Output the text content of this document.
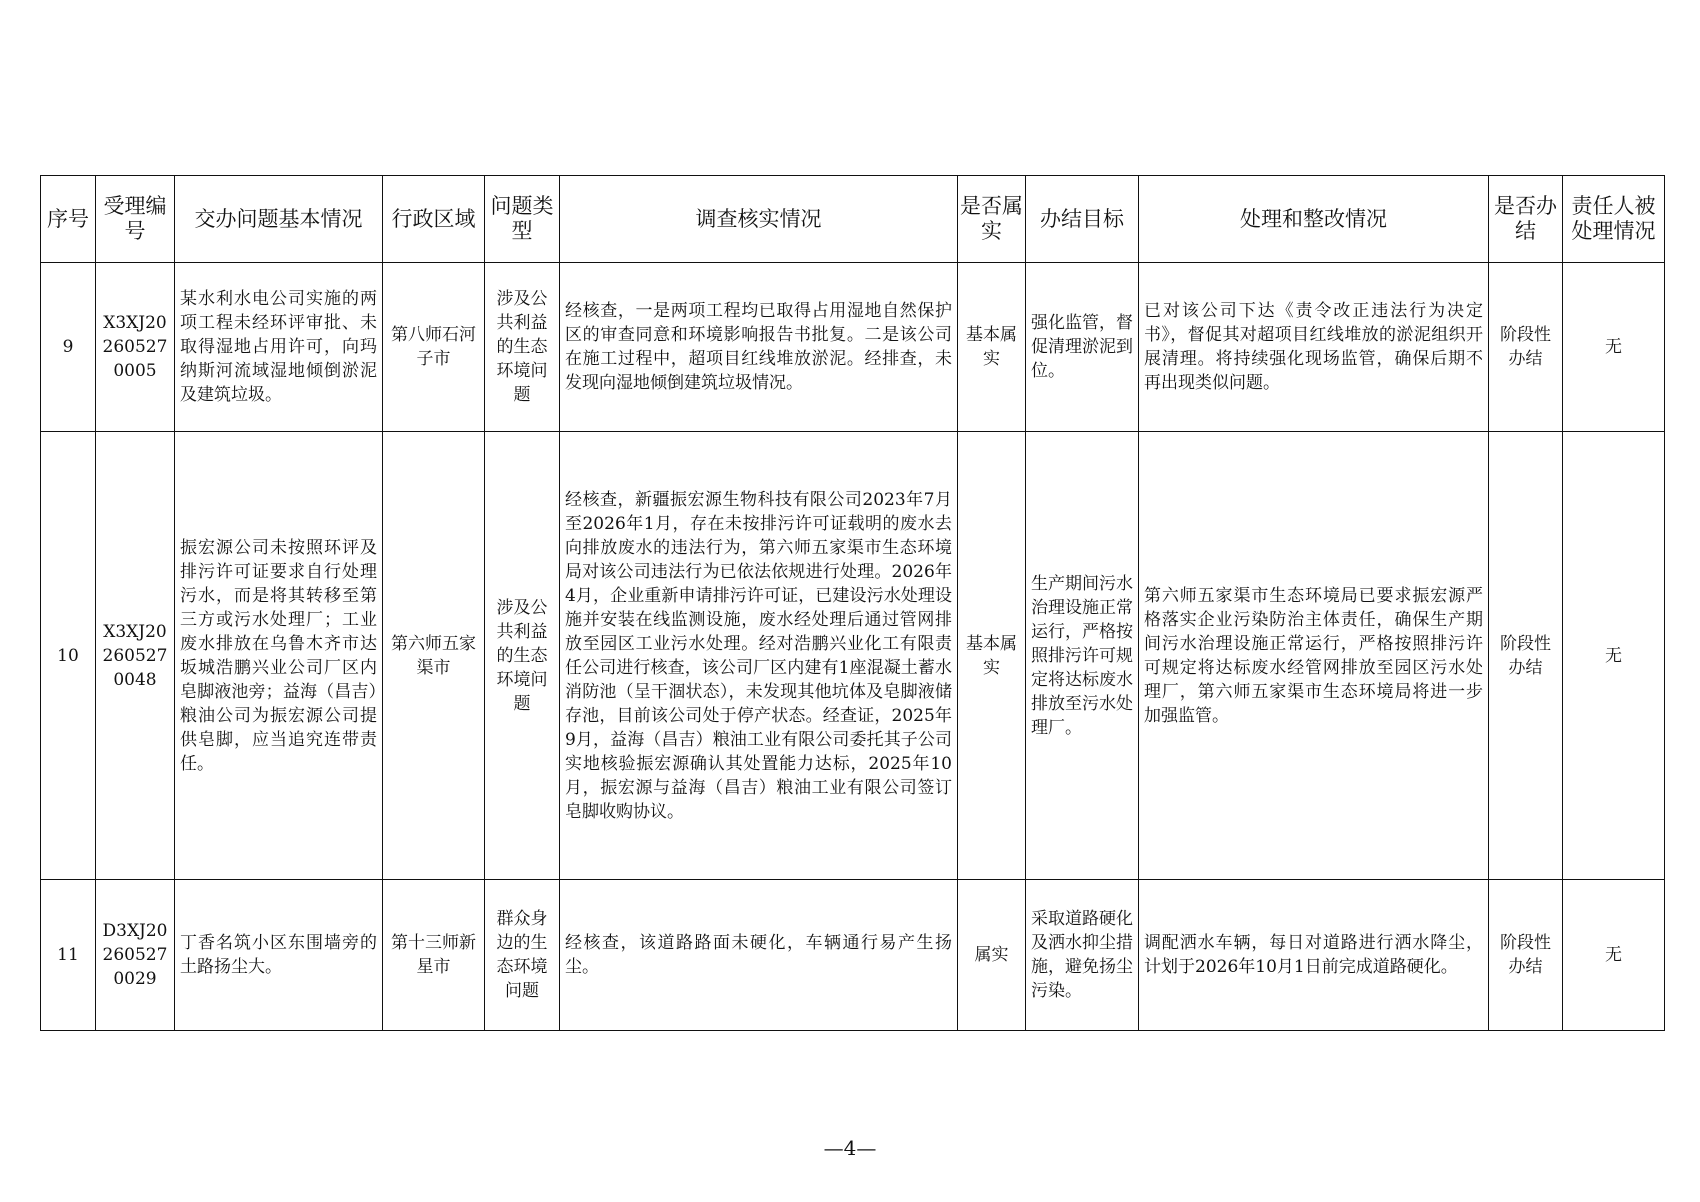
序号	受理编号	交办问题基本情况	行政区域	问题类型	调查核实情况	是否属实	办结目标	处理和整改情况	是否办结	责任人被处理情况
9	X3XJ202605270005	某水利水电公司实施的两项工程未经环评审批、未取得湿地占用许可，向玛纳斯河流域湿地倾倒淤泥及建筑垃圾。	第八师石河子市	涉及公共利益的生态环境问题	经核查，一是两项工程均已取得占用湿地自然保护区的审查同意和环境影响报告书批复。二是该公司在施工过程中，超项目红线堆放淤泥。经排查，未发现向湿地倾倒建筑垃圾情况。	基本属实	强化监管，督促清理淤泥到位。	已对该公司下达《责令改正违法行为决定书》，督促其对超项目红线堆放的淤泥组织开展清理。将持续强化现场监管，确保后期不再出现类似问题。	阶段性办结	无
10	X3XJ202605270048	振宏源公司未按照环评及排污许可证要求自行处理污水，而是将其转移至第三方或污水处理厂；工业废水排放在乌鲁木齐市达坂城浩鹏兴业公司厂区内皂脚液池旁；益海（昌吉）粮油公司为振宏源公司提供皂脚，应当追究连带责任。	第六师五家渠市	涉及公共利益的生态环境问题	经核查，新疆振宏源生物科技有限公司2023年7月至2026年1月，存在未按排污许可证载明的废水去向排放废水的违法行为，第六师五家渠市生态环境局对该公司违法行为已依法依规进行处理。2026年4月，企业重新申请排污许可证，已建设污水处理设施并安装在线监测设施，废水经处理后通过管网排放至园区工业污水处理。经对浩鹏兴业化工有限责任公司进行核查，该公司厂区内建有1座混凝土蓄水消防池（呈干涸状态），未发现其他坑体及皂脚液储存池，目前该公司处于停产状态。经查证，2025年9月，益海（昌吉）粮油工业有限公司委托其子公司实地核验振宏源确认其处置能力达标，2025年10月，振宏源与益海（昌吉）粮油工业有限公司签订皂脚收购协议。	基本属实	生产期间污水治理设施正常运行，严格按照排污许可规定将达标废水排放至污水处理厂。	第六师五家渠市生态环境局已要求振宏源严格落实企业污染防治主体责任，确保生产期间污水治理设施正常运行，严格按照排污许可规定将达标废水经管网排放至园区污水处理厂，第六师五家渠市生态环境局将进一步加强监管。	阶段性办结	无
11	D3XJ202605270029	丁香名筑小区东围墙旁的土路扬尘大。	第十三师新星市	群众身边的生态环境问题	经核查，该道路路面未硬化，车辆通行易产生扬尘。	属实	采取道路硬化及洒水抑尘措施，避免扬尘污染。	调配洒水车辆，每日对道路进行洒水降尘，计划于2026年10月1日前完成道路硬化。	阶段性办结	无
—4—
